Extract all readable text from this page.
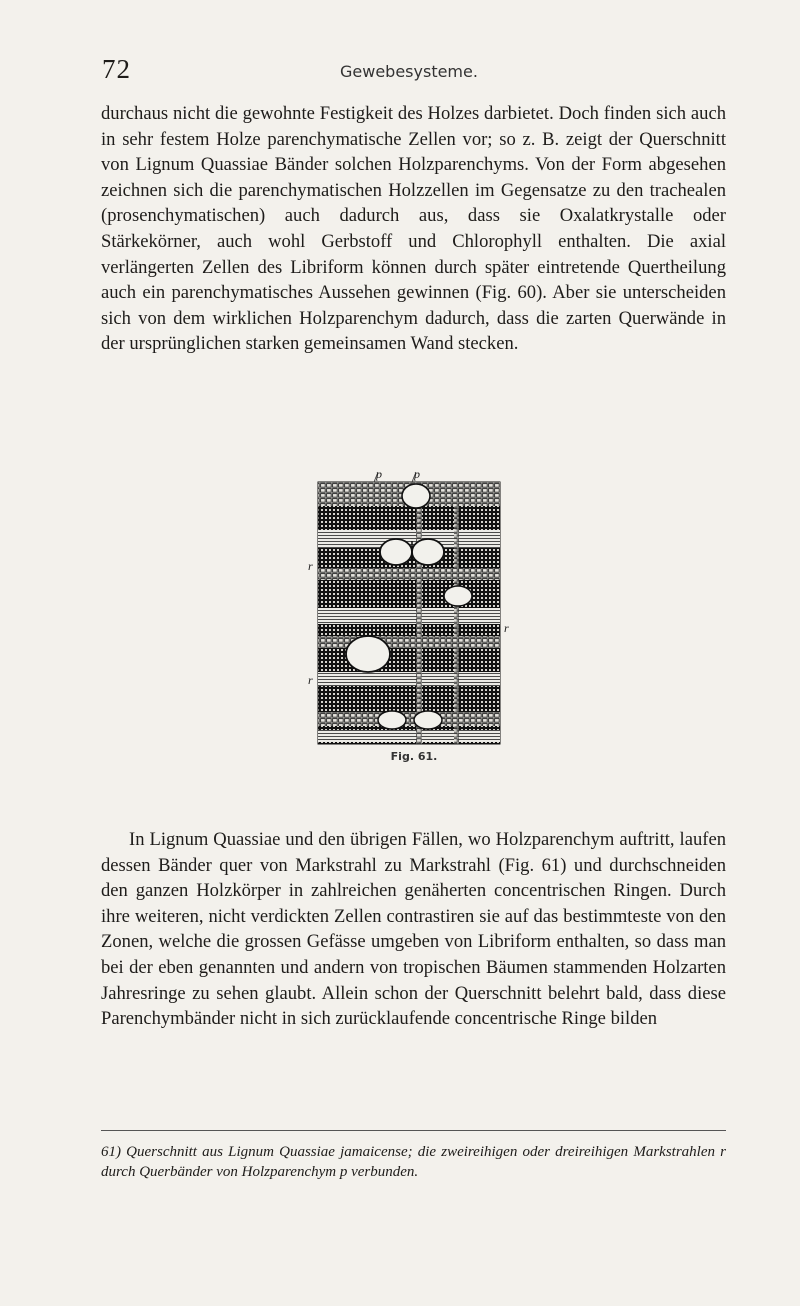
72	Gewebesysteme.

durchaus nicht die gewohnte Festigkeit des Holzes darbietet. Doch finden sich auch in sehr festem Holze parenchymatische Zellen vor; so z. B. zeigt der Querschnitt von Lignum Quassiae Bänder solchen Holzparenchyms. Von der Form abgesehen zeichnen sich die parenchymatischen Holzzellen im Gegensatze zu den trachealen (prosenchymatischen) auch dadurch aus, dass sie Oxalatkrystalle oder Stärkekörner, auch wohl Gerbstoff und Chlorophyll enthalten. Die axial verlängerten Zellen des Libriform können durch später eintretende Quertheilung auch ein parenchymatisches Aussehen gewinnen (Fig. 60). Aber sie unterscheiden sich von dem wirklichen Holzparenchym dadurch, dass die zarten Querwände in der ursprünglichen starken gemeinsamen Wand stecken.

p	p
r
r
r
Fig. 61.

In Lignum Quassiae und den übrigen Fällen, wo Holzparenchym auftritt, laufen dessen Bänder quer von Markstrahl zu Markstrahl (Fig. 61) und durchschneiden den ganzen Holzkörper in zahlreichen genäherten concentrischen Ringen. Durch ihre weiteren, nicht verdickten Zellen contrastiren sie auf das bestimmteste von den Zonen, welche die grossen Gefässe umgeben von Libriform enthalten, so dass man bei der eben genannten und andern von tropischen Bäumen stammenden Holzarten Jahresringe zu sehen glaubt. Allein schon der Querschnitt belehrt bald, dass diese Parenchymbänder nicht in sich zurücklaufende concentrische Ringe bilden

61) Querschnitt aus Lignum Quassiae jamaicense; die zweireihigen oder dreireihigen Markstrahlen r durch Querbänder von Holzparenchym p verbunden.
